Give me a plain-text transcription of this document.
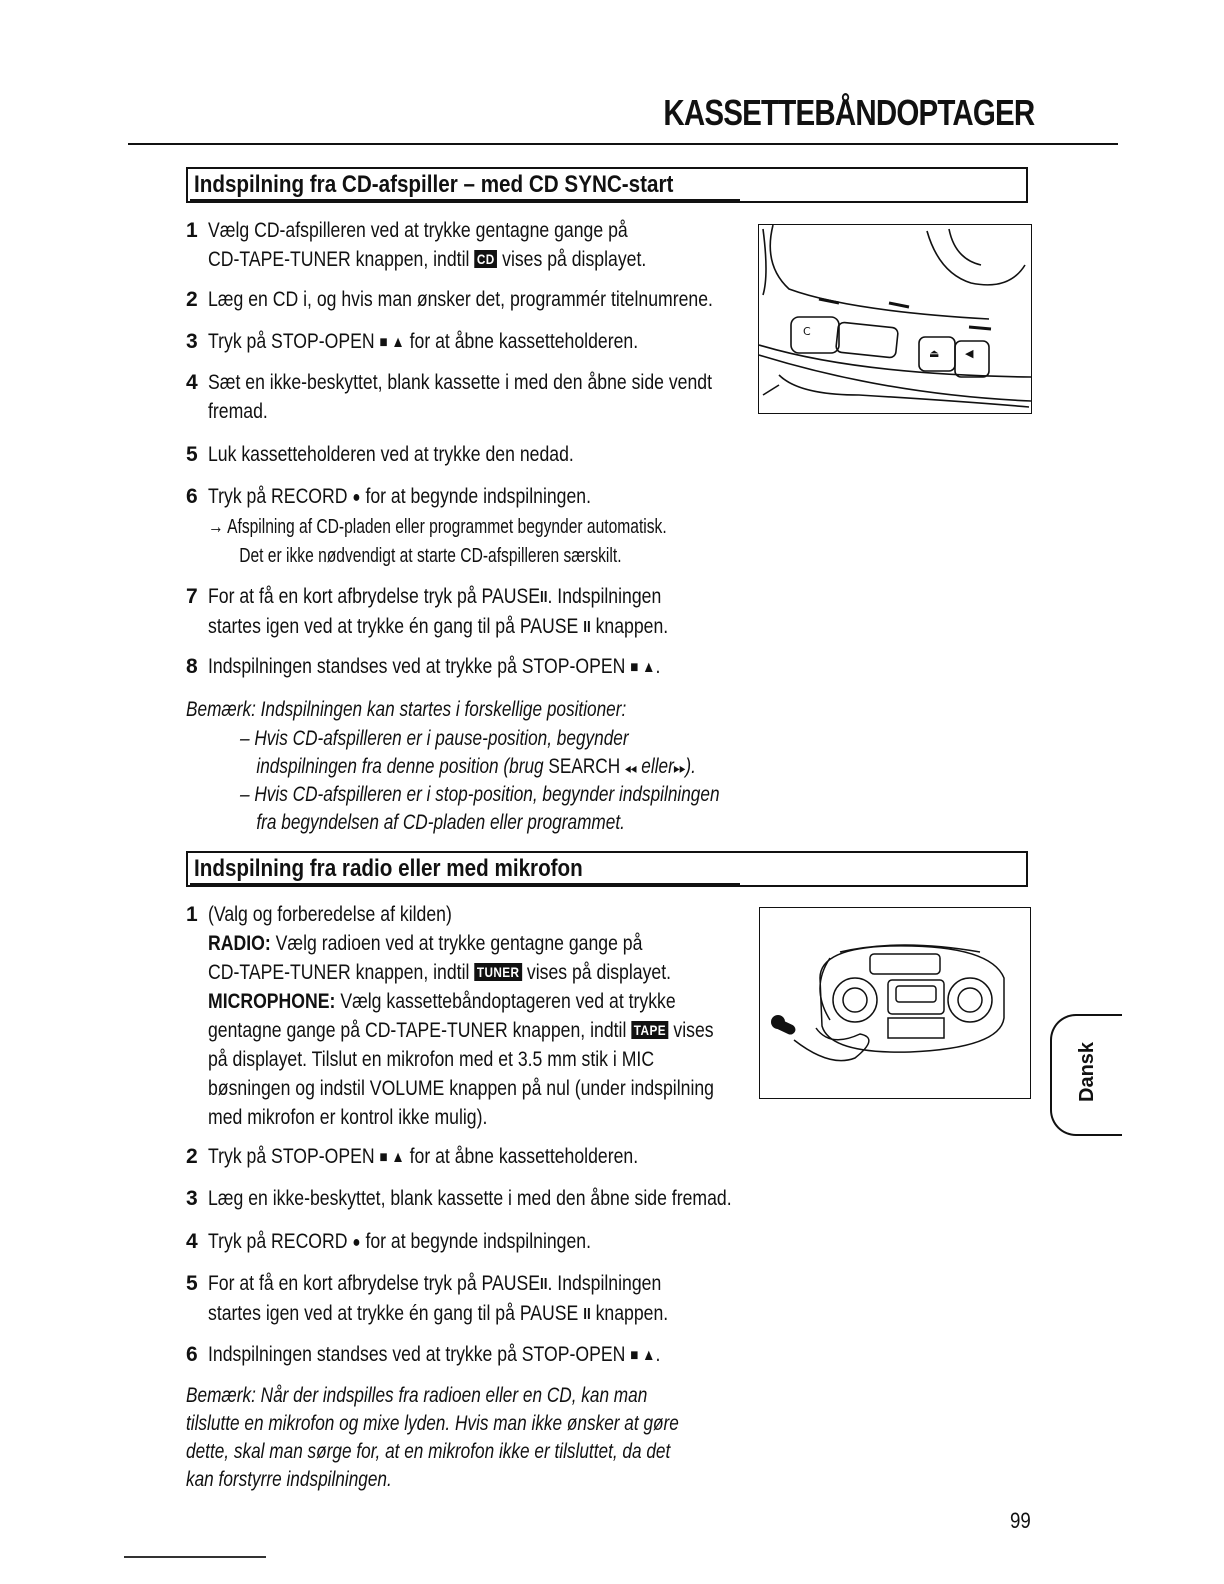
KASSETTEBÅNDOPTAGER
Indspilning fra CD-afspiller – med CD SYNC-start
1 Vælg CD-afspilleren ved at trykke gentagne gange på
CD-TAPE-TUNER knappen, indtil CD vises på displayet.
2 Læg en CD i, og hvis man ønsker det, programmér titelnumrene.
3 Tryk på STOP-OPEN ■ ▲ for at åbne kassetteholderen.
4 Sæt en ikke-beskyttet, blank kassette i med den åbne side vendt
fremad.
5 Luk kassetteholderen ved at trykke den nedad.
6 Tryk på RECORD ● for at begynde indspilningen.
→ Afspilning af CD-pladen eller programmet begynder automatisk.
Det er ikke nødvendigt at starte CD-afspilleren særskilt.
7 For at få en kort afbrydelse tryk på PAUSEII. Indspilningen
startes igen ved at trykke én gang til på PAUSE II knappen.
8 Indspilningen standses ved at trykke på STOP-OPEN ■ ▲.
Bemærk: Indspilningen kan startes i forskellige positioner:
– Hvis CD-afspilleren er i pause-position, begynder
indspilningen fra denne position (brug SEARCH ◂◂ eller▸▸).
– Hvis CD-afspilleren er i stop-position, begynder indspilningen
fra begyndelsen af CD-pladen eller programmet.
C
◀
⏏
Indspilning fra radio eller med mikrofon
1 (Valg og forberedelse af kilden)
RADIO: Vælg radioen ved at trykke gentagne gange på
CD-TAPE-TUNER knappen, indtil TUNER vises på displayet.
MICROPHONE: Vælg kassettebåndoptageren ved at trykke
gentagne gange på CD-TAPE-TUNER knappen, indtil TAPE vises
på displayet. Tilslut en mikrofon med et 3.5 mm stik i MIC
bøsningen og indstil VOLUME knappen på nul (under indspilning
med mikrofon er kontrol ikke mulig).
2 Tryk på STOP-OPEN ■ ▲ for at åbne kassetteholderen.
3 Læg en ikke-beskyttet, blank kassette i med den åbne side fremad.
4 Tryk på RECORD ● for at begynde indspilningen.
5 For at få en kort afbrydelse tryk på PAUSEII. Indspilningen
startes igen ved at trykke én gang til på PAUSE II knappen.
6 Indspilningen standses ved at trykke på STOP-OPEN ■ ▲.
Bemærk: Når der indspilles fra radioen eller en CD, kan man
tilslutte en mikrofon og mixe lyden. Hvis man ikke ønsker at gøre
dette, skal man sørge for, at en mikrofon ikke er tilsluttet, da det
kan forstyrre indspilningen.
Dansk
99
